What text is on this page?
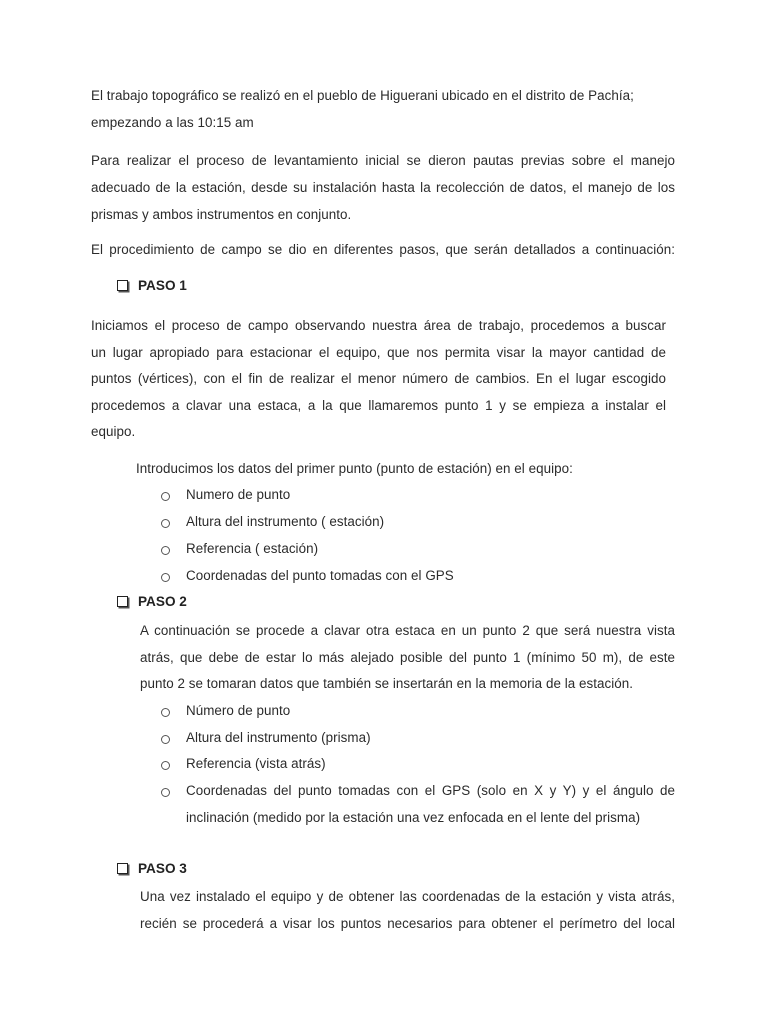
El trabajo topográfico se realizó en el pueblo de Higuerani ubicado en el distrito de Pachía;
empezando a las 10:15 am
Para realizar el proceso de levantamiento inicial se dieron pautas previas sobre el manejo
adecuado de la estación, desde su instalación hasta la recolección de datos, el manejo de los
prismas y ambos instrumentos en conjunto.
El procedimiento de campo se dio en diferentes pasos, que serán detallados a continuación:
PASO 1
Iniciamos el proceso de campo observando nuestra área de trabajo, procedemos a buscar
un lugar apropiado para estacionar el equipo, que nos permita visar la mayor cantidad de
puntos (vértices), con el fin de realizar el menor número de cambios. En el lugar escogido
procedemos a clavar una estaca, a la que llamaremos punto 1 y se empieza a instalar el
equipo.
Introducimos los datos del primer punto (punto de estación) en el equipo:
Numero de punto
Altura del instrumento ( estación)
Referencia ( estación)
Coordenadas del punto tomadas con el GPS
PASO 2
A continuación se procede a clavar otra estaca en un punto 2 que será nuestra vista
atrás, que debe de estar lo más alejado posible del punto 1 (mínimo 50 m), de este
punto 2 se tomaran datos que también se insertarán en la memoria de la estación.
Número de punto
Altura del instrumento (prisma)
Referencia (vista atrás)
Coordenadas del punto tomadas con el GPS (solo en X y Y) y el ángulo de
inclinación (medido por la estación una vez enfocada en el lente del prisma)
PASO 3
Una vez instalado el equipo y de obtener las coordenadas de la estación y vista atrás,
recién se procederá a visar los puntos necesarios para obtener el perímetro del local
